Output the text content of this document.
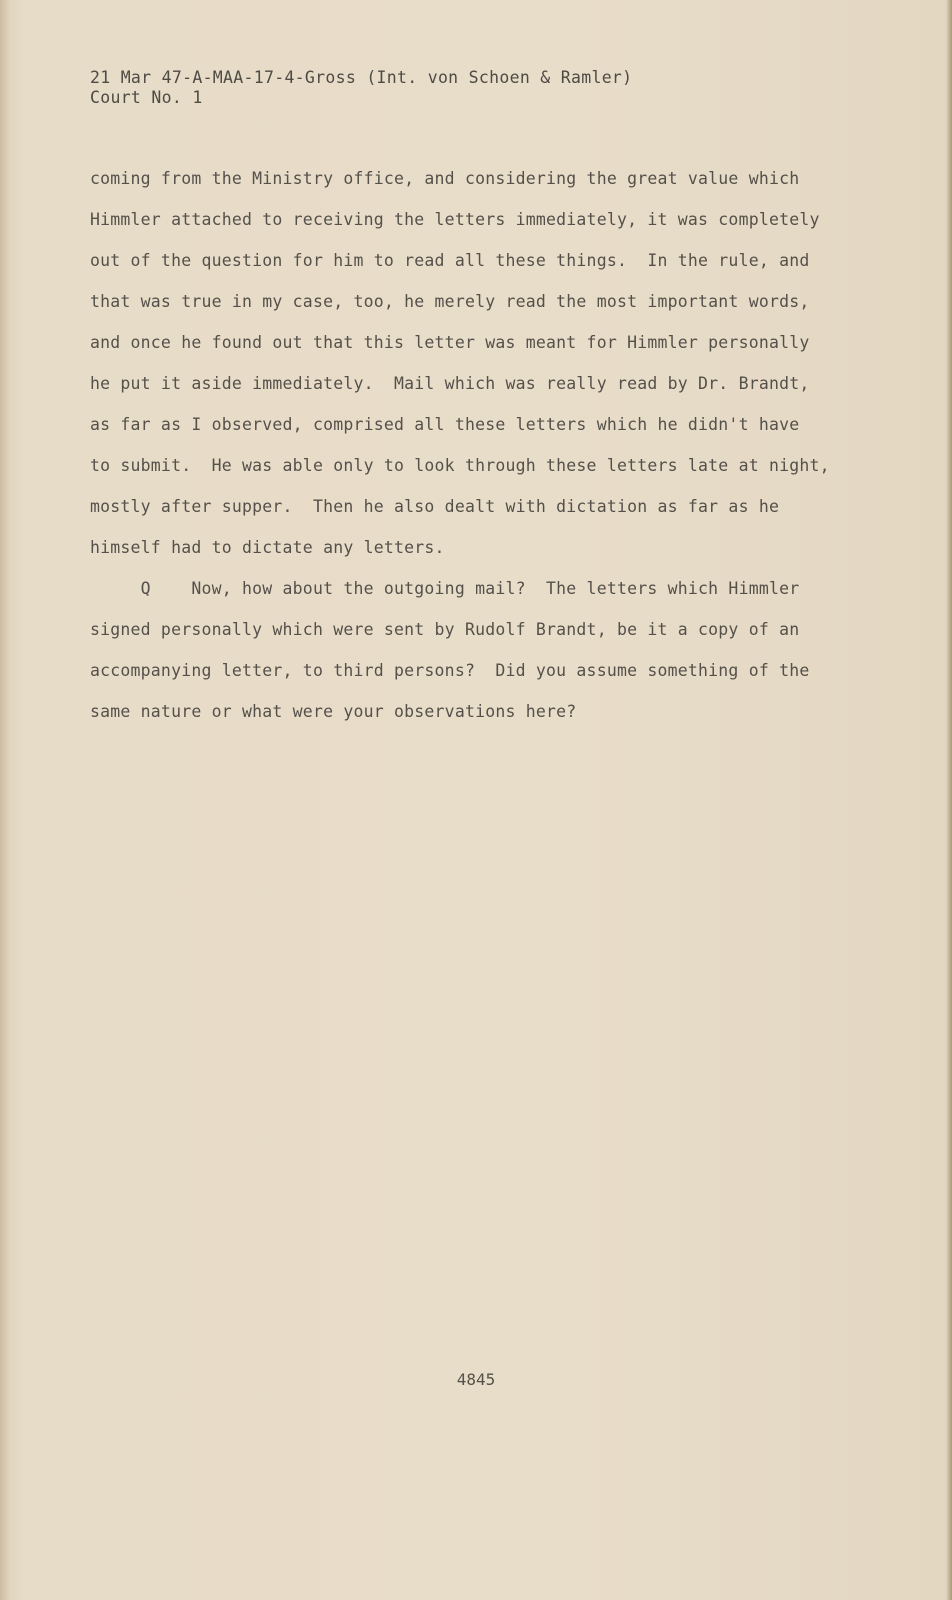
21 Mar 47-A-MAA-17-4-Gross (Int. von Schoen & Ramler)
Court No. 1
coming from the Ministry office, and considering the great value which
Himmler attached to receiving the letters immediately, it was completely
out of the question for him to read all these things.  In the rule, and
that was true in my case, too, he merely read the most important words,
and once he found out that this letter was meant for Himmler personally
he put it aside immediately.  Mail which was really read by Dr. Brandt,
as far as I observed, comprised all these letters which he didn't have
to submit.  He was able only to look through these letters late at night,
mostly after supper.  Then he also dealt with dictation as far as he
himself had to dictate any letters.
Q    Now, how about the outgoing mail?  The letters which Himmler
signed personally which were sent by Rudolf Brandt, be it a copy of an
accompanying letter, to third persons?  Did you assume something of the
same nature or what were your observations here?
4845
